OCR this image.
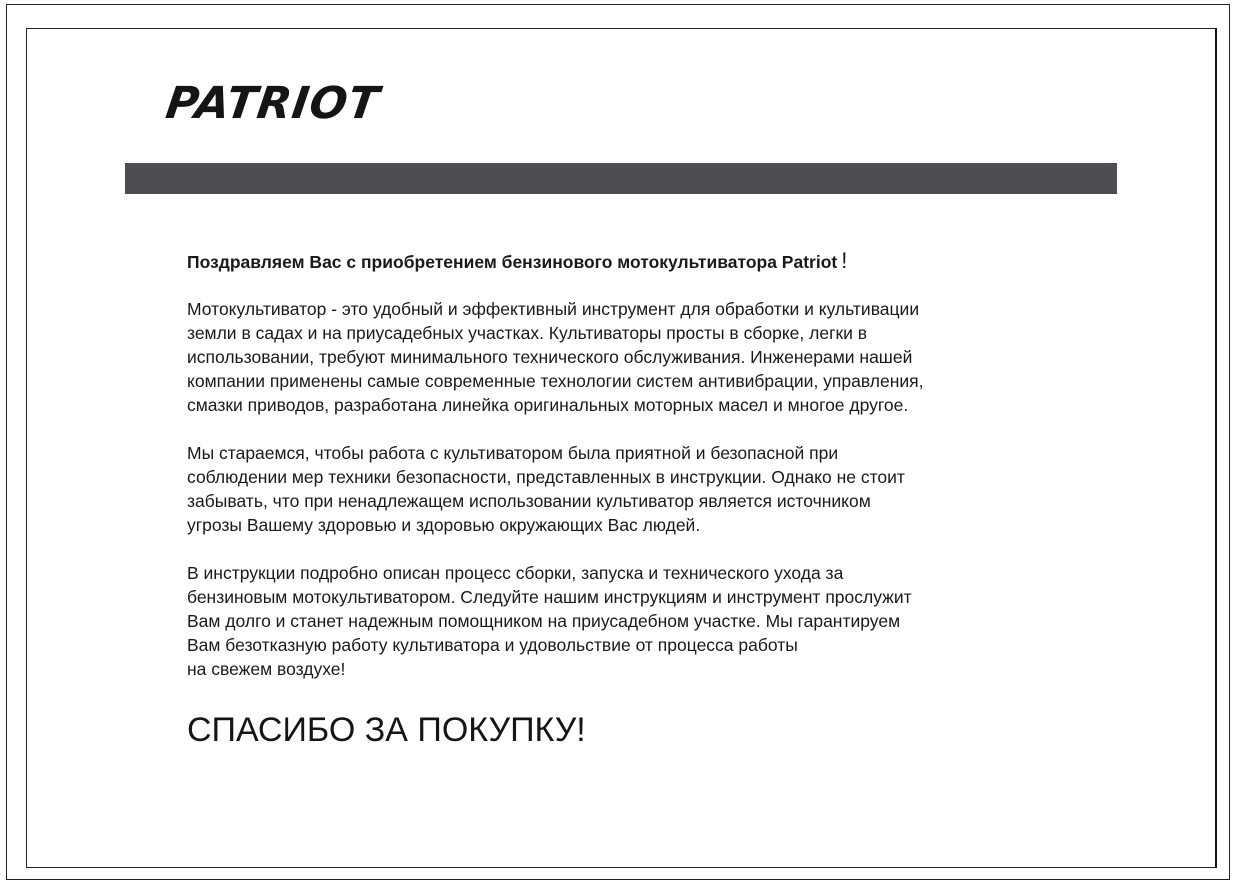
PATRIOT
Поздравляем Вас с приобретением бензинового мотокультиватора Patriot !
Мотокультиватор - это удобный и эффективный инструмент для обработки и культивации
земли в садах и на приусадебных участках. Культиваторы просты в сборке, легки в
использовании, требуют минимального технического обслуживания. Инженерами нашей
компании применены самые современные технологии систем антивибрации, управления,
смазки приводов, разработана линейка оригинальных моторных масел и многое другое.
Мы стараемся, чтобы работа с культиватором была приятной и безопасной при
соблюдении мер техники безопасности, представленных в инструкции. Однако не стоит
забывать, что при ненадлежащем использовании культиватор является источником
угрозы Вашему здоровью и здоровью окружающих Вас людей.
В инструкции подробно описан процесс сборки, запуска и технического ухода за
бензиновым мотокультиватором. Следуйте нашим инструкциям и инструмент прослужит
Вам долго и станет надежным помощником на приусадебном участке. Мы гарантируем
Вам безотказную работу культиватора и удовольствие от процесса работы
на свежем воздухе!
СПАСИБО ЗА ПОКУПКУ!
